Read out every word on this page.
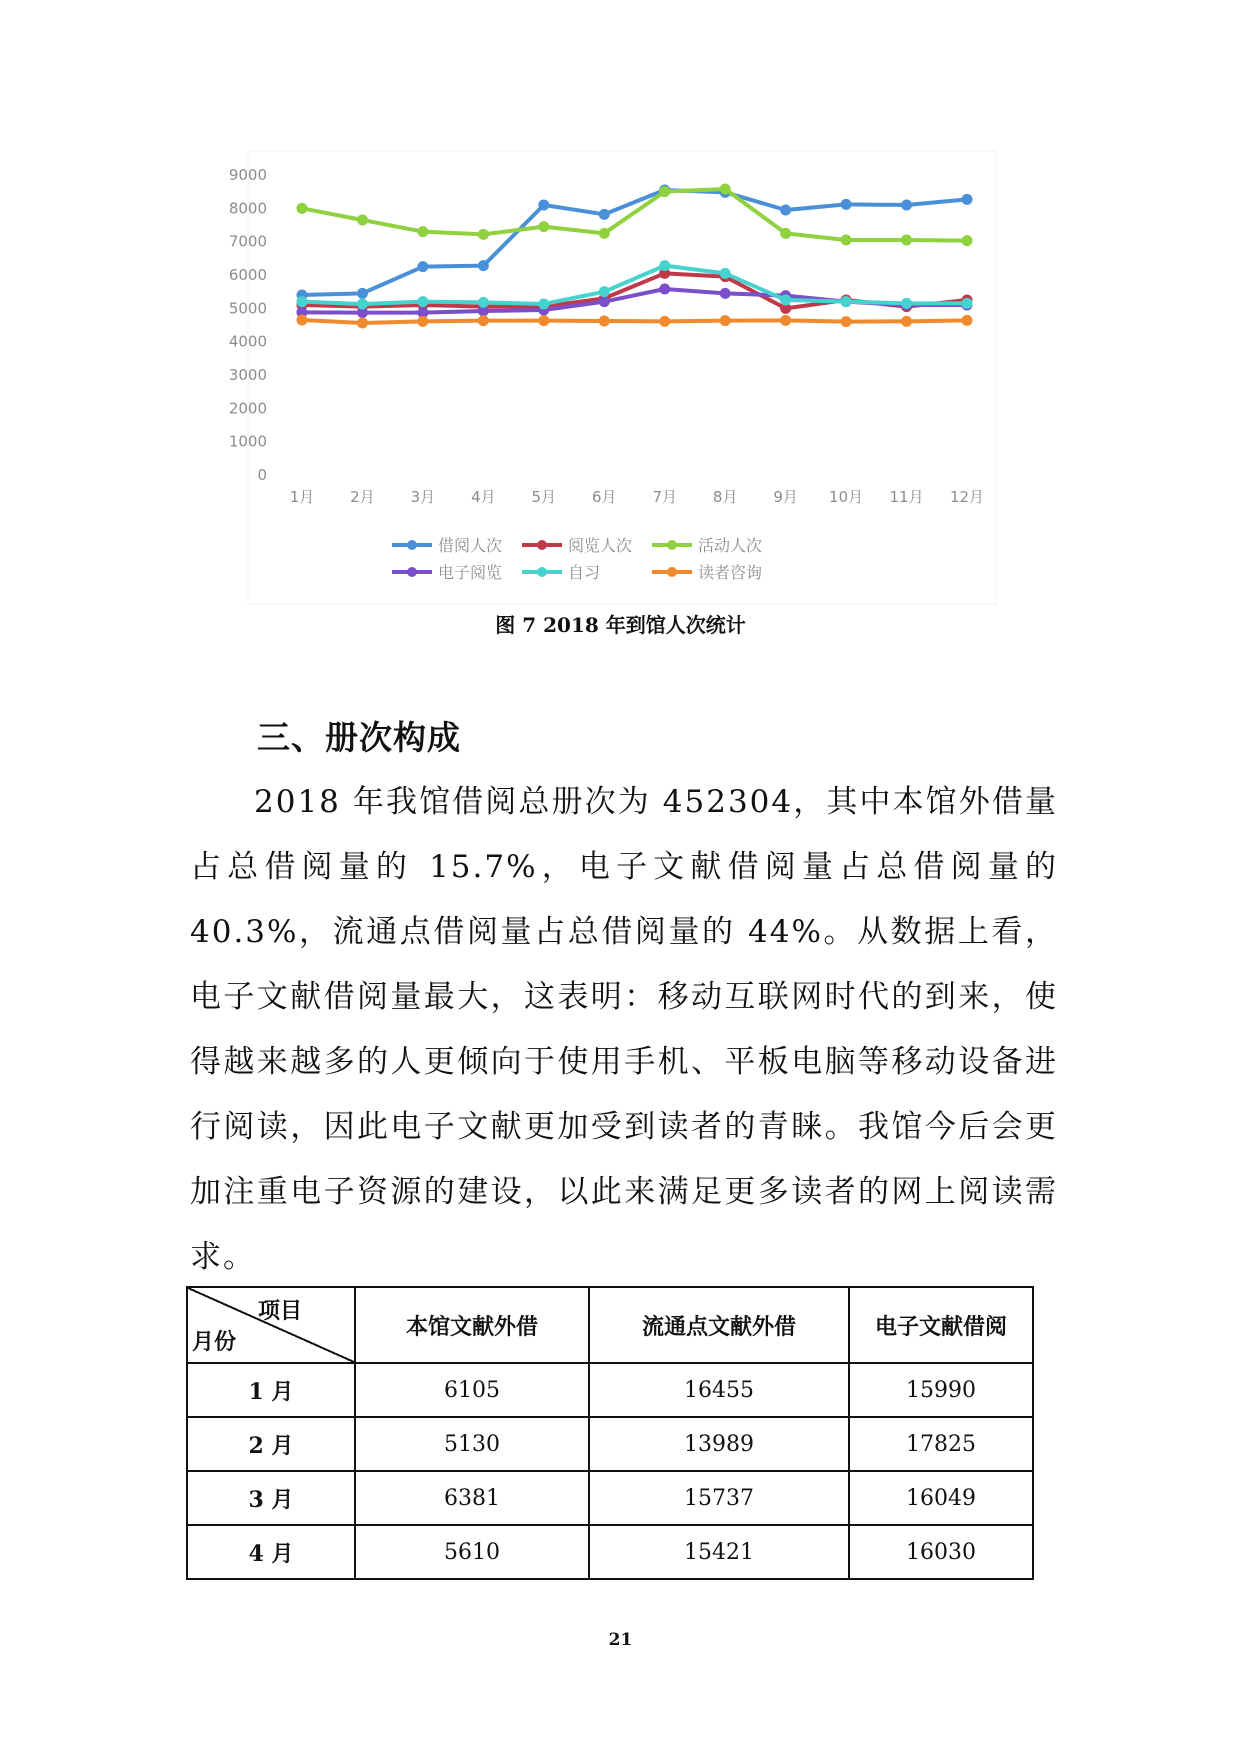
0
1000
2000
3000
4000
5000
6000
7000
8000
9000
1月 2月 3月 4月 5月 6月 7月 8月 9月 10月 11月 12月
借阅人次	阅览人次	活动人次
电子阅览	自习	读者咨询
图 7 2018 年到馆人次统计
三、册次构成

2018 年我馆借阅总册次为 452304，其中本馆外借量占总借阅量的 15.7%，电子文献借阅量占总借阅量的 40.3%，流通点借阅量占总借阅量的 44%。从数据上看，电子文献借阅量最大，这表明：移动互联网时代的到来，使得越来越多的人更倾向于使用手机、平板电脑等移动设备进行阅读，因此电子文献更加受到读者的青睐。我馆今后会更加注重电子资源的建设，以此来满足更多读者的网上阅读需求。

项目
月份	本馆文献外借	流通点文献外借	电子文献借阅
1 月	6105	16455	15990
2 月	5130	13989	17825
3 月	6381	15737	16049
4 月	5610	15421	16030
21
